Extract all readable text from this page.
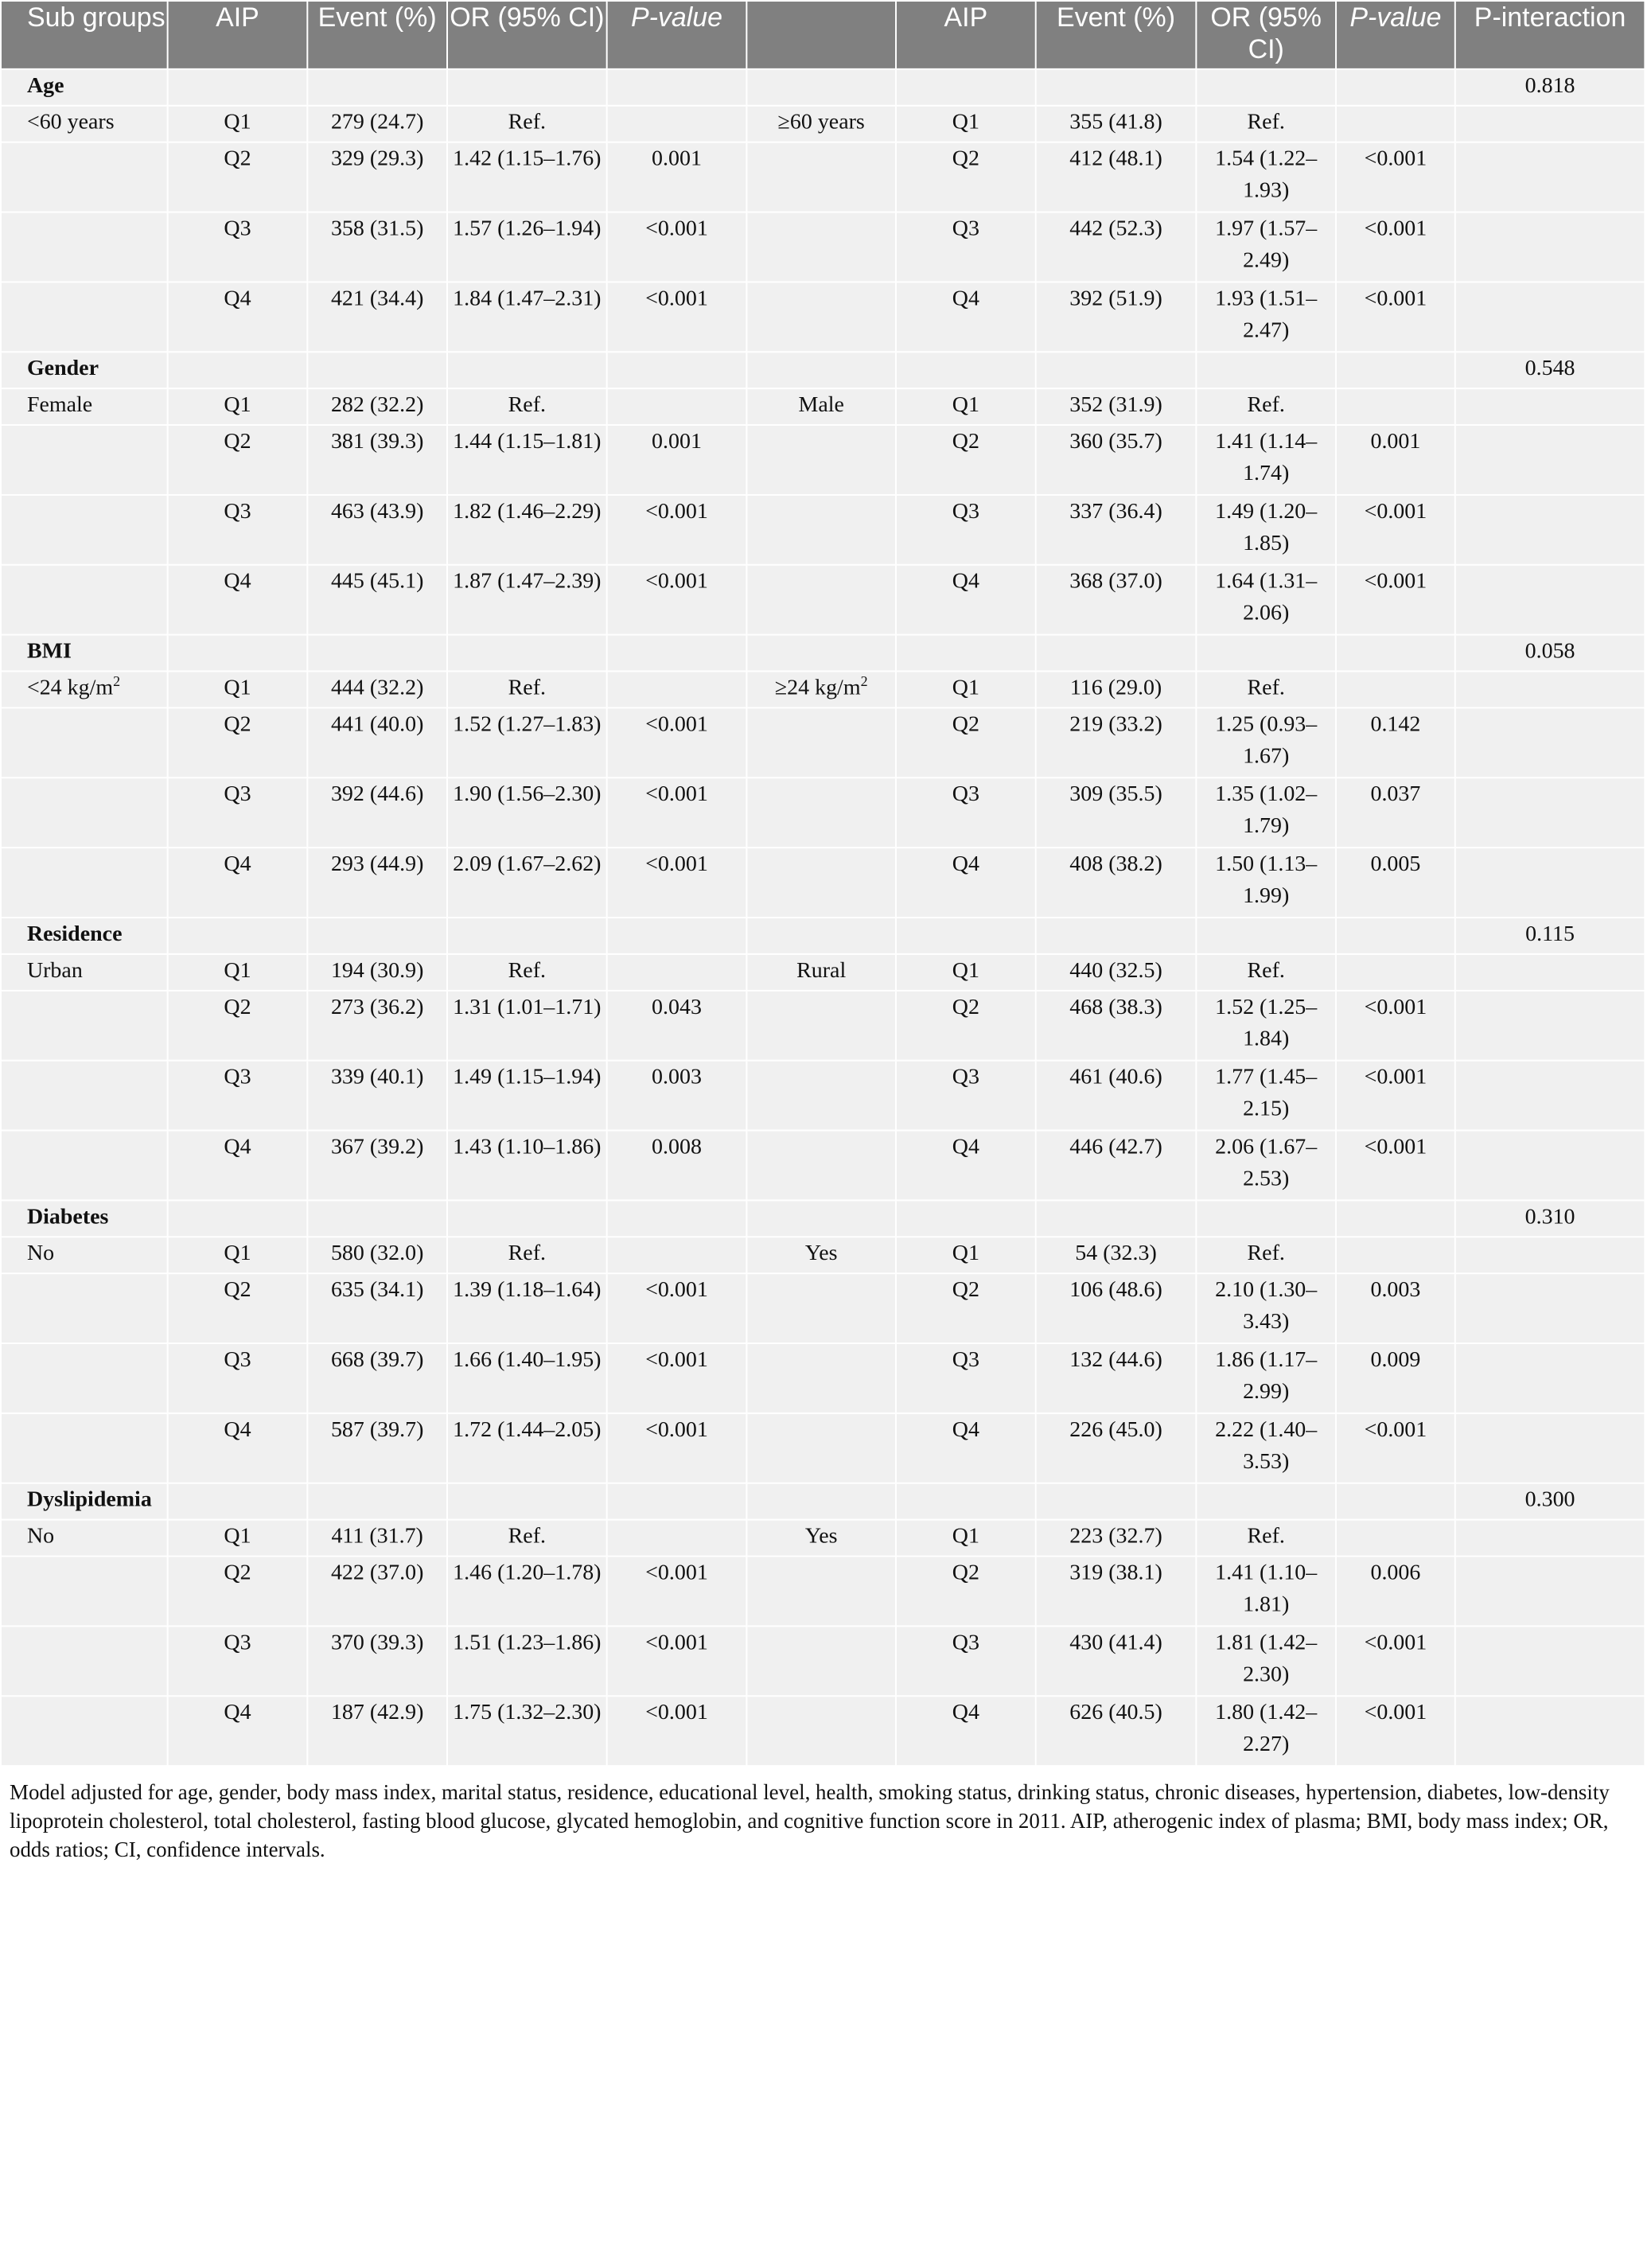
Sub groups	AIP	Event (%)	OR (95% CI)	P-value		AIP	Event (%)	OR (95% CI)	P-value	P-interaction
Age										0.818
<60 years	Q1	279 (24.7)	Ref.		≥60 years	Q1	355 (41.8)	Ref.		
	Q2	329 (29.3)	1.42 (1.15–1.76)	0.001		Q2	412 (48.1)	1.54 (1.22–1.93)	<0.001	
	Q3	358 (31.5)	1.57 (1.26–1.94)	<0.001		Q3	442 (52.3)	1.97 (1.57–2.49)	<0.001	
	Q4	421 (34.4)	1.84 (1.47–2.31)	<0.001		Q4	392 (51.9)	1.93 (1.51–2.47)	<0.001	
Gender										0.548
Female	Q1	282 (32.2)	Ref.		Male	Q1	352 (31.9)	Ref.		
	Q2	381 (39.3)	1.44 (1.15–1.81)	0.001		Q2	360 (35.7)	1.41 (1.14–1.74)	0.001	
	Q3	463 (43.9)	1.82 (1.46–2.29)	<0.001		Q3	337 (36.4)	1.49 (1.20–1.85)	<0.001	
	Q4	445 (45.1)	1.87 (1.47–2.39)	<0.001		Q4	368 (37.0)	1.64 (1.31–2.06)	<0.001	
BMI										0.058
<24 $kg/m^2$	Q1	444 (32.2)	Ref.		≥24 $kg/m^2$	Q1	116 (29.0)	Ref.		
	Q2	441 (40.0)	1.52 (1.27–1.83)	<0.001		Q2	219 (33.2)	1.25 (0.93–1.67)	0.142	
	Q3	392 (44.6)	1.90 (1.56–2.30)	<0.001		Q3	309 (35.5)	1.35 (1.02–1.79)	0.037	
	Q4	293 (44.9)	2.09 (1.67–2.62)	<0.001		Q4	408 (38.2)	1.50 (1.13–1.99)	0.005	
Residence										0.115
Urban	Q1	194 (30.9)	Ref.		Rural	Q1	440 (32.5)	Ref.		
	Q2	273 (36.2)	1.31 (1.01–1.71)	0.043		Q2	468 (38.3)	1.52 (1.25–1.84)	<0.001	
	Q3	339 (40.1)	1.49 (1.15–1.94)	0.003		Q3	461 (40.6)	1.77 (1.45–2.15)	<0.001	
	Q4	367 (39.2)	1.43 (1.10–1.86)	0.008		Q4	446 (42.7)	2.06 (1.67–2.53)	<0.001	
Diabetes										0.310
No	Q1	580 (32.0)	Ref.		Yes	Q1	54 (32.3)	Ref.		
	Q2	635 (34.1)	1.39 (1.18–1.64)	<0.001		Q2	106 (48.6)	2.10 (1.30–3.43)	0.003	
	Q3	668 (39.7)	1.66 (1.40–1.95)	<0.001		Q3	132 (44.6)	1.86 (1.17–2.99)	0.009	
	Q4	587 (39.7)	1.72 (1.44–2.05)	<0.001		Q4	226 (45.0)	2.22 (1.40–3.53)	<0.001	
Dyslipidemia										0.300
No	Q1	411 (31.7)	Ref.		Yes	Q1	223 (32.7)	Ref.		
	Q2	422 (37.0)	1.46 (1.20–1.78)	<0.001		Q2	319 (38.1)	1.41 (1.10–1.81)	0.006	
	Q3	370 (39.3)	1.51 (1.23–1.86)	<0.001		Q3	430 (41.4)	1.81 (1.42–2.30)	<0.001	
	Q4	187 (42.9)	1.75 (1.32–2.30)	<0.001		Q4	626 (40.5)	1.80 (1.42–2.27)	<0.001	
Model adjusted for age, gender, body mass index, marital status, residence, educational level, health, smoking status, drinking status, chronic diseases, hypertension, diabetes, low-density lipoprotein cholesterol, total cholesterol, fasting blood glucose, glycated hemoglobin, and cognitive function score in 2011. AIP, atherogenic index of plasma; BMI, body mass index; OR, odds ratios; CI, confidence intervals.
